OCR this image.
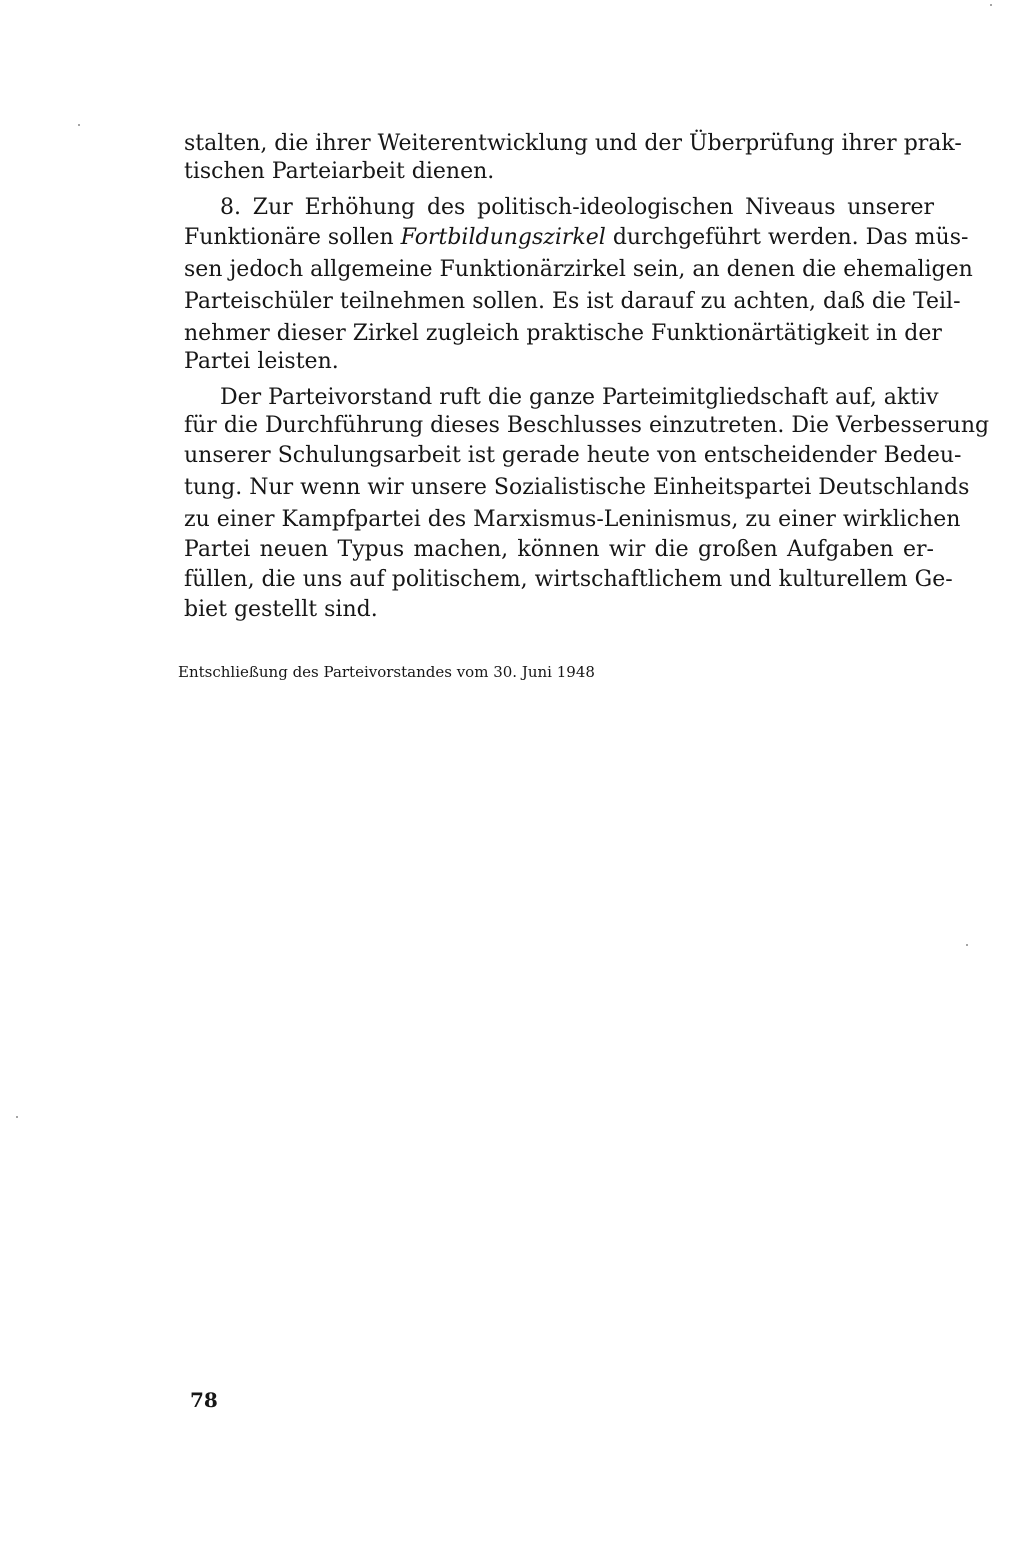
stalten, die ihrer Weiterentwicklung und der Überprüfung ihrer prak-
tischen Parteiarbeit dienen.
8. Zur Erhöhung des politisch-ideologischen Niveaus unserer
Funktionäre sollen Fortbildungszirkel durchgeführt werden. Das müs-
sen jedoch allgemeine Funktionärzirkel sein, an denen die ehemaligen
Parteischüler teilnehmen sollen. Es ist darauf zu achten, daß die Teil-
nehmer dieser Zirkel zugleich praktische Funktionärtätigkeit in der
Partei leisten.
Der Parteivorstand ruft die ganze Parteimitgliedschaft auf, aktiv
für die Durchführung dieses Beschlusses einzutreten. Die Verbesserung
unserer Schulungsarbeit ist gerade heute von entscheidender Bedeu-
tung. Nur wenn wir unsere Sozialistische Einheitspartei Deutschlands
zu einer Kampfpartei des Marxismus-Leninismus, zu einer wirklichen
Partei neuen Typus machen, können wir die großen Aufgaben er-
füllen, die uns auf politischem, wirtschaftlichem und kulturellem Ge-
biet gestellt sind.
Entschließung des Parteivorstandes vom 30. Juni 1948
78
